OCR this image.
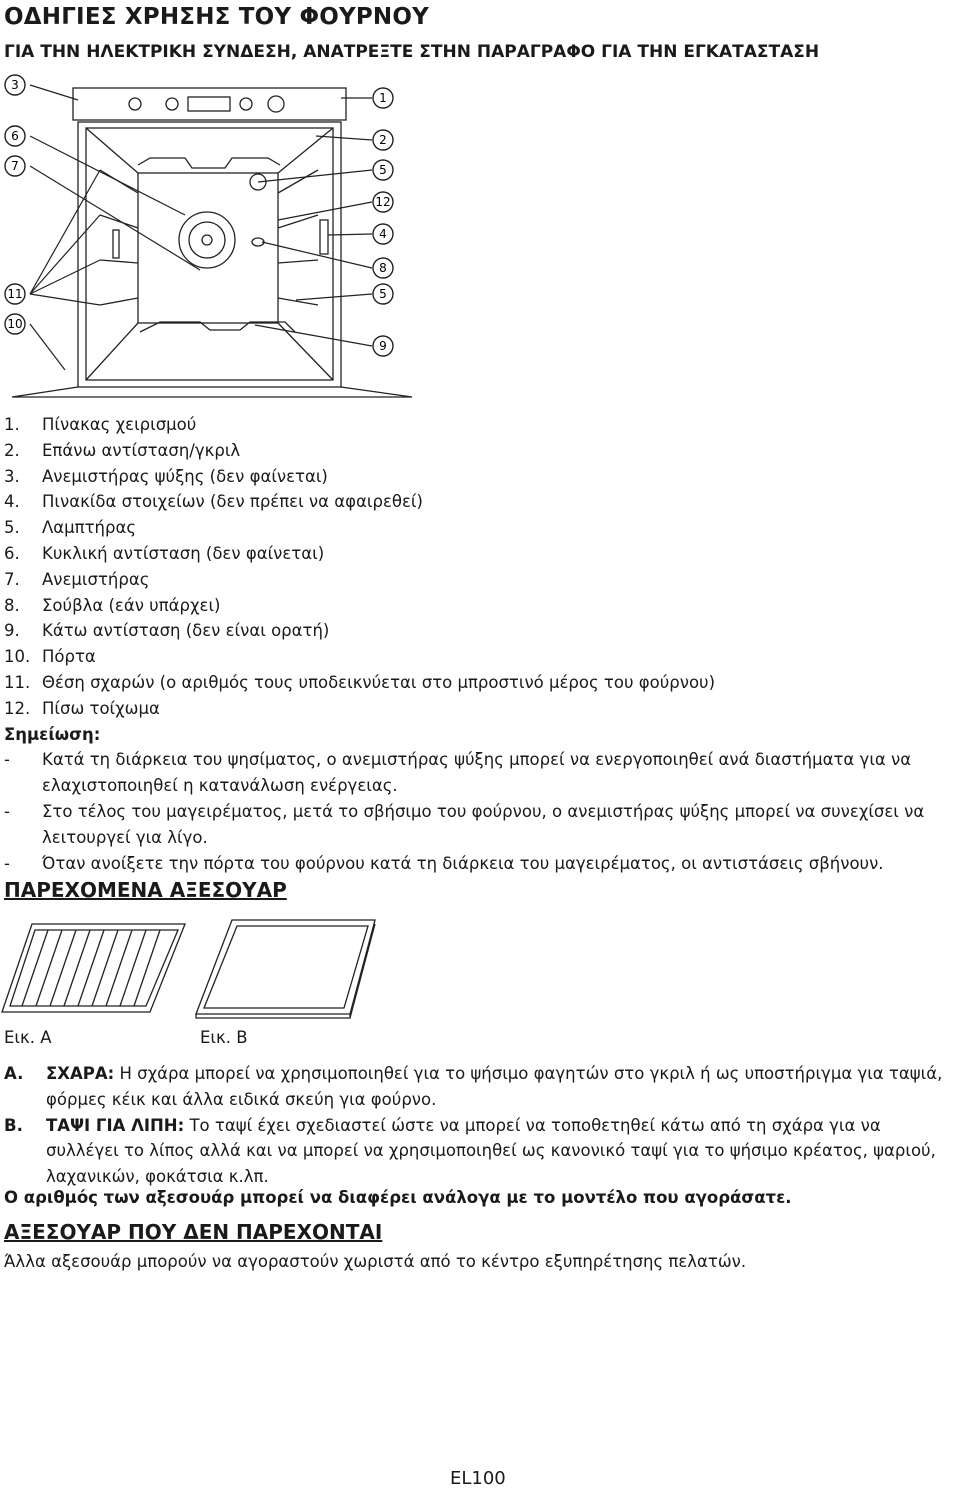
ΟΔΗΓΙΕΣ ΧΡΗΣΗΣ ΤΟΥ ΦΟΥΡΝΟΥ
ΓΙΑ ΤΗΝ ΗΛΕΚΤΡΙΚΗ ΣΥΝΔΕΣΗ, ΑΝΑΤΡΕΞΤΕ ΣΤΗΝ ΠΑΡΑΓΡΑΦΟ ΓΙΑ ΤΗΝ ΕΓΚΑΤΑΣΤΑΣΗ
3
6
7
11
10
1
2
5
12
4
8
5
9
1. Πίνακας χειρισμού
2. Επάνω αντίσταση/γκριλ
3. Ανεμιστήρας ψύξης (δεν φαίνεται)
4. Πινακίδα στοιχείων (δεν πρέπει να αφαιρεθεί)
5. Λαμπτήρας
6. Κυκλική αντίσταση (δεν φαίνεται)
7. Ανεμιστήρας
8. Σούβλα (εάν υπάρχει)
9. Κάτω αντίσταση (δεν είναι ορατή)
10. Πόρτα
11. Θέση σχαρών (ο αριθμός τους υποδεικνύεται στο μπροστινό μέρος του φούρνου)
12. Πίσω τοίχωμα
Σημείωση:
- Κατά τη διάρκεια του ψησίματος, ο ανεμιστήρας ψύξης μπορεί να ενεργοποιηθεί ανά διαστήματα για να ελαχιστοποιηθεί η κατανάλωση ενέργειας.
- Στο τέλος του μαγειρέματος, μετά το σβήσιμο του φούρνου, ο ανεμιστήρας ψύξης μπορεί να συνεχίσει να λειτουργεί για λίγο.
- Όταν ανοίξετε την πόρτα του φούρνου κατά τη διάρκεια του μαγειρέματος, οι αντιστάσεις σβήνουν.
ΠΑΡΕΧΟΜΕΝΑ ΑΞΕΣΟΥΑΡ
Εικ. A	Εικ. B
A. ΣΧΑΡΑ: Η σχάρα μπορεί να χρησιμοποιηθεί για το ψήσιμο φαγητών στο γκριλ ή ως υποστήριγμα για ταψιά, φόρμες κέικ και άλλα ειδικά σκεύη για φούρνο.
B. ΤΑΨΙ ΓΙΑ ΛΙΠΗ: Το ταψί έχει σχεδιαστεί ώστε να μπορεί να τοποθετηθεί κάτω από τη σχάρα για να συλλέγει το λίπος αλλά και να μπορεί να χρησιμοποιηθεί ως κανονικό ταψί για το ψήσιμο κρέατος, ψαριού, λαχανικών, φοκάτσια κ.λπ.
Ο αριθμός των αξεσουάρ μπορεί να διαφέρει ανάλογα με το μοντέλο που αγοράσατε.
ΑΞΕΣΟΥΑΡ ΠΟΥ ΔΕΝ ΠΑΡΕΧΟΝΤΑΙ
Άλλα αξεσουάρ μπορούν να αγοραστούν χωριστά από το κέντρο εξυπηρέτησης πελατών.
EL100
